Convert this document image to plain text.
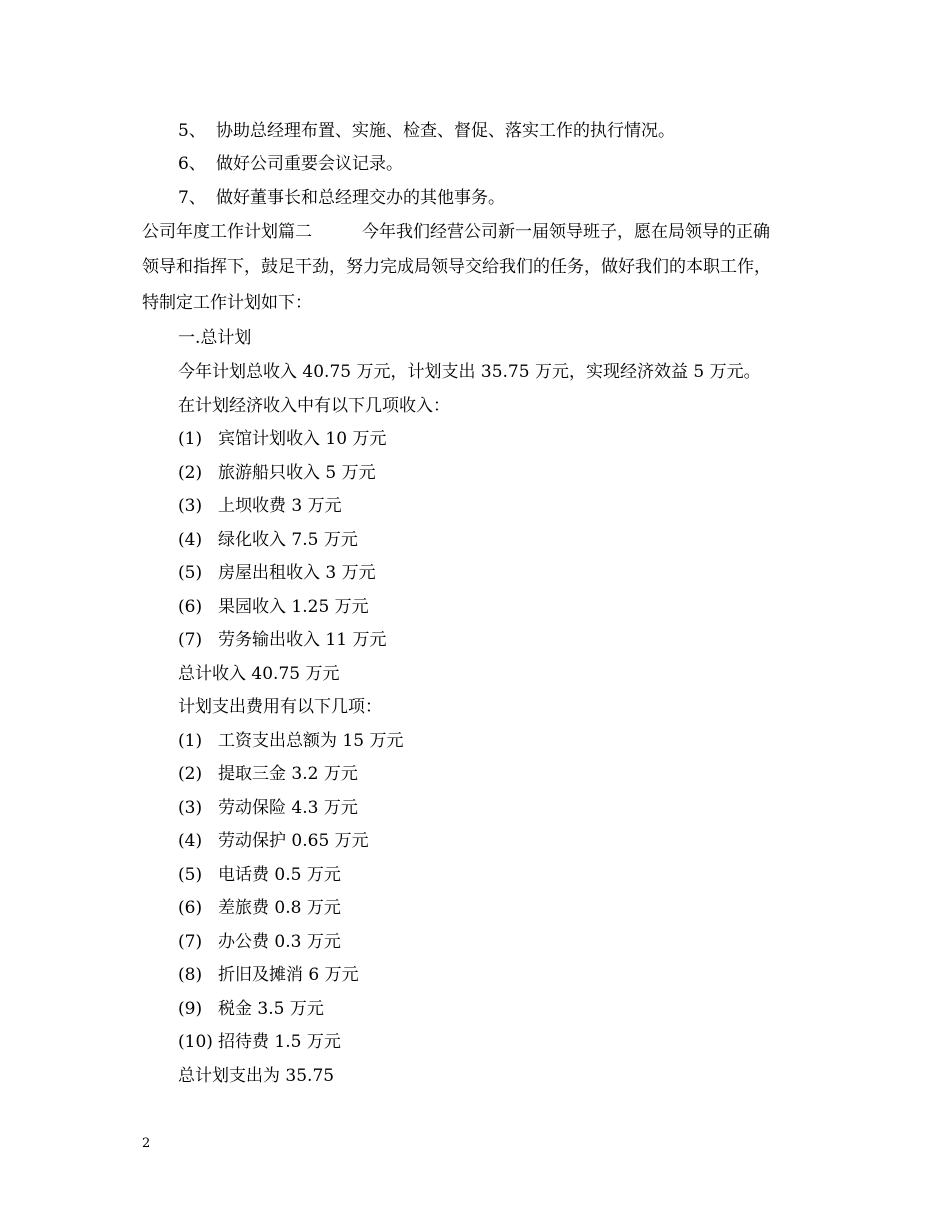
5、 协助总经理布置、实施、检查、督促、落实工作的执行情况。
6、 做好公司重要会议记录。
7、 做好董事长和总经理交办的其他事务。
公司年度工作计划篇二	今年我们经营公司新一届领导班子，愿在局领导的正确
领导和指挥下，鼓足干劲，努力完成局领导交给我们的任务，做好我们的本职工作，
特制定工作计划如下：
一.总计划
今年计划总收入 40.75 万元，计划支出 35.75 万元，实现经济效益 5 万元。
在计划经济收入中有以下几项收入：
(1) 宾馆计划收入 10 万元
(2) 旅游船只收入 5 万元
(3) 上坝收费 3 万元
(4) 绿化收入 7.5 万元
(5) 房屋出租收入 3 万元
(6) 果园收入 1.25 万元
(7) 劳务输出收入 11 万元
总计收入 40.75 万元
计划支出费用有以下几项：
(1) 工资支出总额为 15 万元
(2) 提取三金 3.2 万元
(3) 劳动保险 4.3 万元
(4) 劳动保护 0.65 万元
(5) 电话费 0.5 万元
(6) 差旅费 0.8 万元
(7) 办公费 0.3 万元
(8) 折旧及摊消 6 万元
(9) 税金 3.5 万元
(10) 招待费 1.5 万元
总计划支出为 35.75
2
